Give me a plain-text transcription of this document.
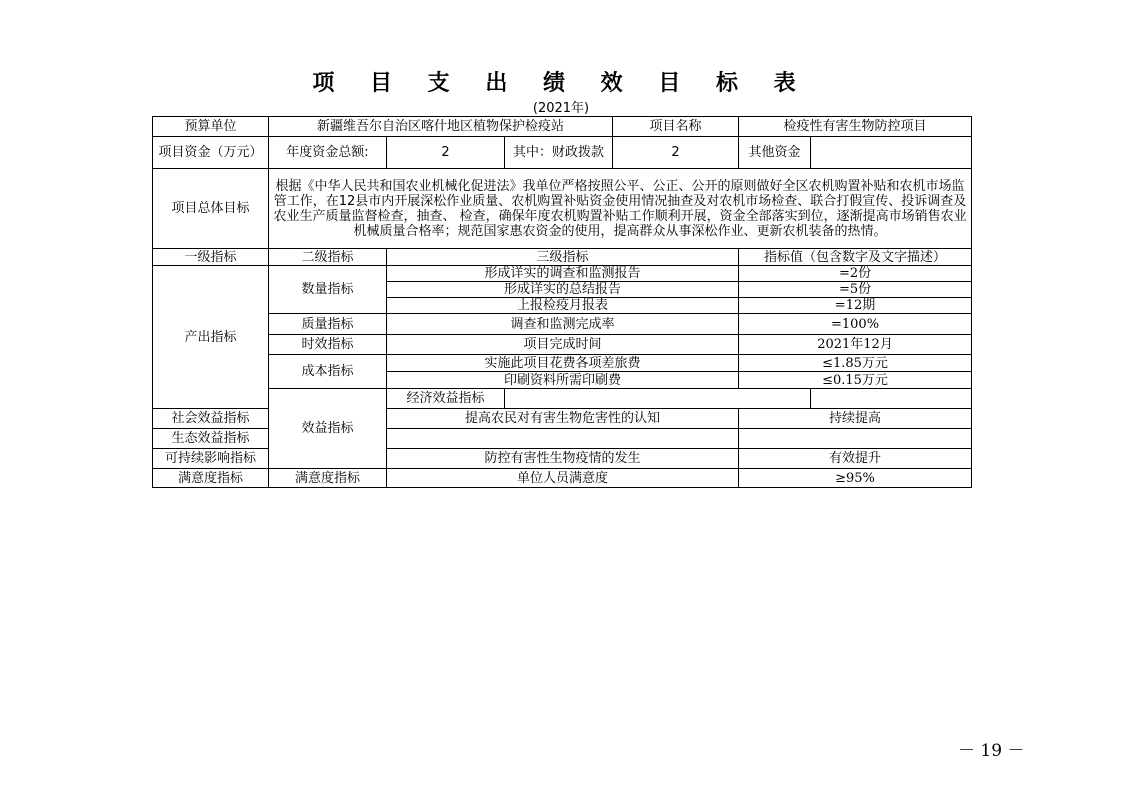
项 目 支 出 绩 效 目 标 表
(2021年)
预算单位	新疆维吾尔自治区喀什地区植物保护检疫站			项目名称	检疫性有害生物防控项目	
项目资金（万元）	年度资金总额:	2	其中：财政拨款	2	其他资金	
项目总体目标	根据《中华人民共和国农业机械化促进法》我单位严格按照公平、公正、公开的原则做好全区农机购置补贴和农机市场监管工作，在12县市内开展深松作业质量、农机购置补贴资金使用情况抽查及对农机市场检查、联合打假宣传、投诉调查及农业生产质量监督检查，抽查、 检查，确保年度农机购置补贴工作顺利开展，资金全部落实到位，逐渐提高市场销售农业机械质量合格率；规范国家惠农资金的使用，提高群众从事深松作业、更新农机装备的热情。					
一级指标	二级指标	三级指标			指标值（包含数字及文字描述）	
产出指标	数量指标	形成详实的调查和监测报告			=2份	
		形成详实的总结报告			=5份	
		上报检疫月报表			=12期	
	质量指标	调查和监测完成率			=100%	
	时效指标	项目完成时间			2021年12月	
	成本指标	实施此项目花费各项差旅费			≤1.85万元	
		印刷资料所需印刷费			≤0.15万元	
	效益指标	经济效益指标				
社会效益指标		提高农民对有害生物危害性的认知			持续提高	
生态效益指标						
可持续影响指标		防控有害性生物疫情的发生			有效提升	
满意度指标	满意度指标	单位人员满意度			≥95%	
－ 19 －
